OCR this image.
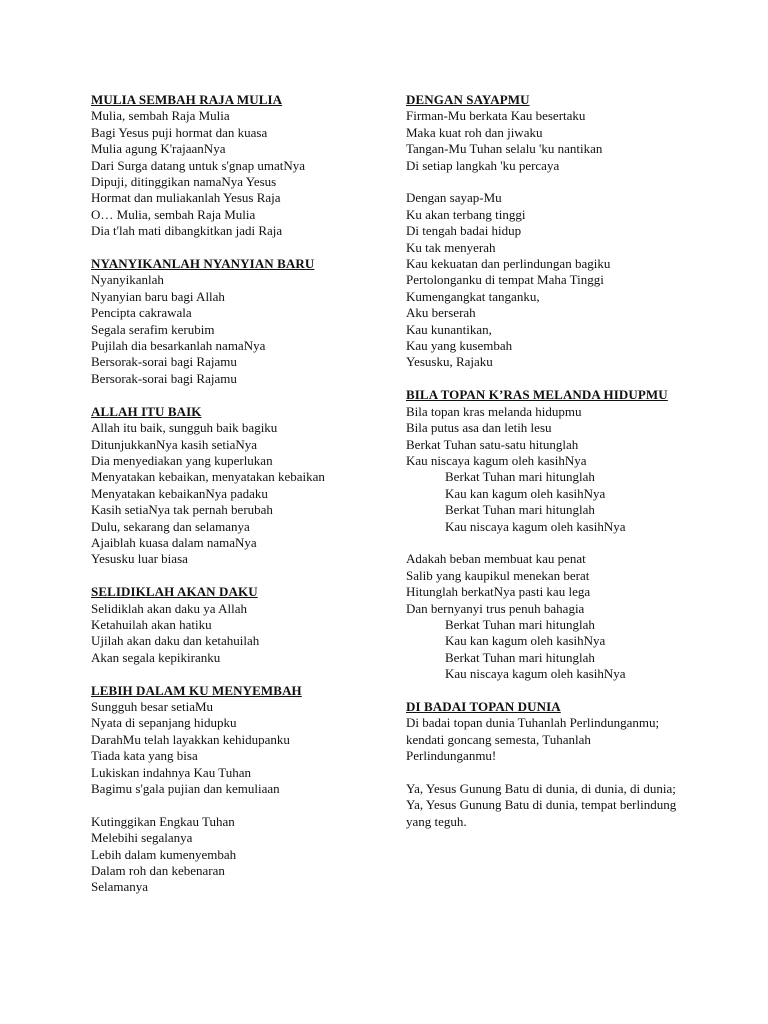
MULIA SEMBAH RAJA MULIA
Mulia, sembah Raja Mulia
Bagi Yesus puji hormat dan kuasa
Mulia agung K'rajaanNya
Dari Surga datang untuk s'gnap umatNya
Dipuji, ditinggikan namaNya Yesus
Hormat dan muliakanlah Yesus Raja
O… Mulia, sembah Raja Mulia
Dia t'lah mati dibangkitkan jadi Raja
NYANYIKANLAH NYANYIAN BARU
Nyanyikanlah
Nyanyian baru bagi Allah
Pencipta cakrawala
Segala serafim kerubim
Pujilah dia besarkanlah namaNya
Bersorak-sorai bagi Rajamu
Bersorak-sorai bagi Rajamu
ALLAH ITU BAIK
Allah itu baik, sungguh baik bagiku
DitunjukkanNya kasih setiaNya
Dia menyediakan yang kuperlukan
Menyatakan kebaikan, menyatakan kebaikan
Menyatakan kebaikanNya padaku
Kasih setiaNya tak pernah berubah
Dulu, sekarang dan selamanya
Ajaiblah kuasa dalam namaNya
Yesusku luar biasa
SELIDIKLAH AKAN DAKU
Selidiklah akan daku ya Allah
Ketahuilah akan hatiku
Ujilah akan daku dan ketahuilah
Akan segala kepikiranku
LEBIH DALAM KU MENYEMBAH
Sungguh besar setiaMu
Nyata di sepanjang hidupku
DarahMu telah layakkan kehidupanku
Tiada kata yang bisa
Lukiskan indahnya Kau Tuhan
Bagimu s'gala pujian dan kemuliaan
Kutinggikan Engkau Tuhan
Melebihi segalanya
Lebih dalam kumenyembah
Dalam roh dan kebenaran
Selamanya
DENGAN SAYAPMU
Firman-Mu berkata Kau besertaku
Maka kuat roh dan jiwaku
Tangan-Mu Tuhan selalu 'ku nantikan
Di setiap langkah 'ku percaya
Dengan sayap-Mu
Ku akan terbang tinggi
Di tengah badai hidup
Ku tak menyerah
Kau kekuatan dan perlindungan bagiku
Pertolonganku di tempat Maha Tinggi
Kumengangkat tanganku,
Aku berserah
Kau kunantikan,
Kau yang kusembah
Yesusku, Rajaku
BILA TOPAN K’RAS MELANDA HIDUPMU
Bila topan kras melanda hidupmu
Bila putus asa dan letih lesu
Berkat Tuhan satu-satu hitunglah
Kau niscaya kagum oleh kasihNya
Berkat Tuhan mari hitunglah
Kau kan kagum oleh kasihNya
Berkat Tuhan mari hitunglah
Kau niscaya kagum oleh kasihNya
Adakah beban membuat kau penat
Salib yang kaupikul menekan berat
Hitunglah berkatNya pasti kau lega
Dan bernyanyi trus penuh bahagia
Berkat Tuhan mari hitunglah
Kau kan kagum oleh kasihNya
Berkat Tuhan mari hitunglah
Kau niscaya kagum oleh kasihNya
DI BADAI TOPAN DUNIA
Di badai topan dunia Tuhanlah Perlindunganmu; kendati goncang semesta, Tuhanlah Perlindunganmu!
Ya, Yesus Gunung Batu di dunia, di dunia, di dunia;
Ya, Yesus Gunung Batu di dunia, tempat berlindung yang teguh.
